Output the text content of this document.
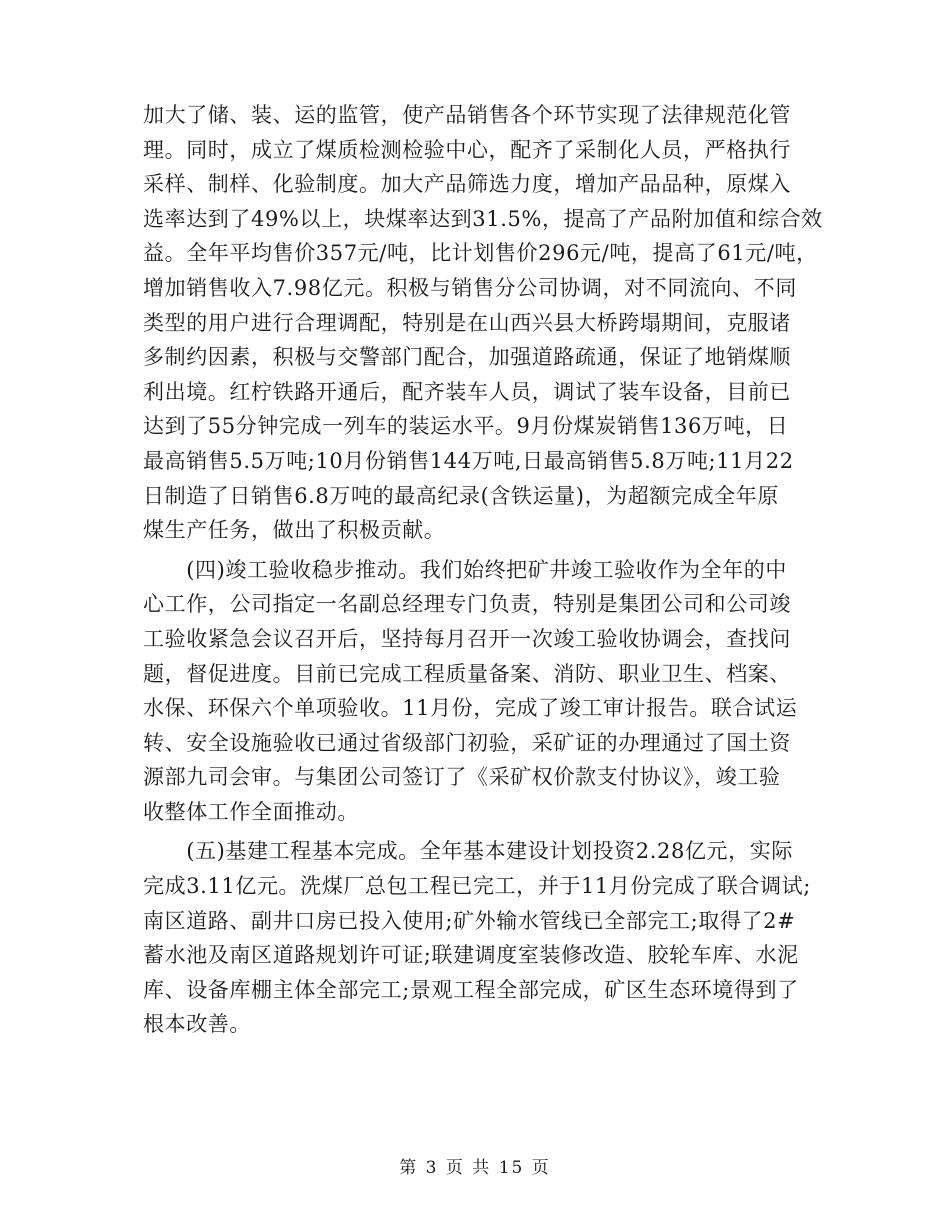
加大了储、装、运的监管，使产品销售各个环节实现了法律规范化管
理。同时，成立了煤质检测检验中心，配齐了采制化人员，严格执行
采样、制样、化验制度。加大产品筛选力度，增加产品品种，原煤入
选率达到了49%以上，块煤率达到31.5%，提高了产品附加值和综合效
益。全年平均售价357元/吨，比计划售价296元/吨，提高了61元/吨，
增加销售收入7.98亿元。积极与销售分公司协调，对不同流向、不同
类型的用户进行合理调配，特别是在山西兴县大桥跨塌期间，克服诸
多制约因素，积极与交警部门配合，加强道路疏通，保证了地销煤顺
利出境。红柠铁路开通后，配齐装车人员，调试了装车设备，目前已
达到了55分钟完成一列车的装运水平。9月份煤炭销售136万吨，日
最高销售5.5万吨;10月份销售144万吨,日最高销售5.8万吨;11月22
日制造了日销售6.8万吨的最高纪录(含铁运量)，为超额完成全年原
煤生产任务，做出了积极贡献。
　　(四)竣工验收稳步推动。我们始终把矿井竣工验收作为全年的中
心工作，公司指定一名副总经理专门负责，特别是集团公司和公司竣
工验收紧急会议召开后，坚持每月召开一次竣工验收协调会，查找问
题，督促进度。目前已完成工程质量备案、消防、职业卫生、档案、
水保、环保六个单项验收。11月份，完成了竣工审计报告。联合试运
转、安全设施验收已通过省级部门初验，采矿证的办理通过了国土资
源部九司会审。与集团公司签订了《采矿权价款支付协议》，竣工验
收整体工作全面推动。
　　(五)基建工程基本完成。全年基本建设计划投资2.28亿元，实际
完成3.11亿元。洗煤厂总包工程已完工，并于11月份完成了联合调试;
南区道路、副井口房已投入使用;矿外输水管线已全部完工;取得了2#
蓄水池及南区道路规划许可证;联建调度室装修改造、胶轮车库、水泥
库、设备库棚主体全部完工;景观工程全部完成，矿区生态环境得到了
根本改善。
第 3 页 共 15 页
